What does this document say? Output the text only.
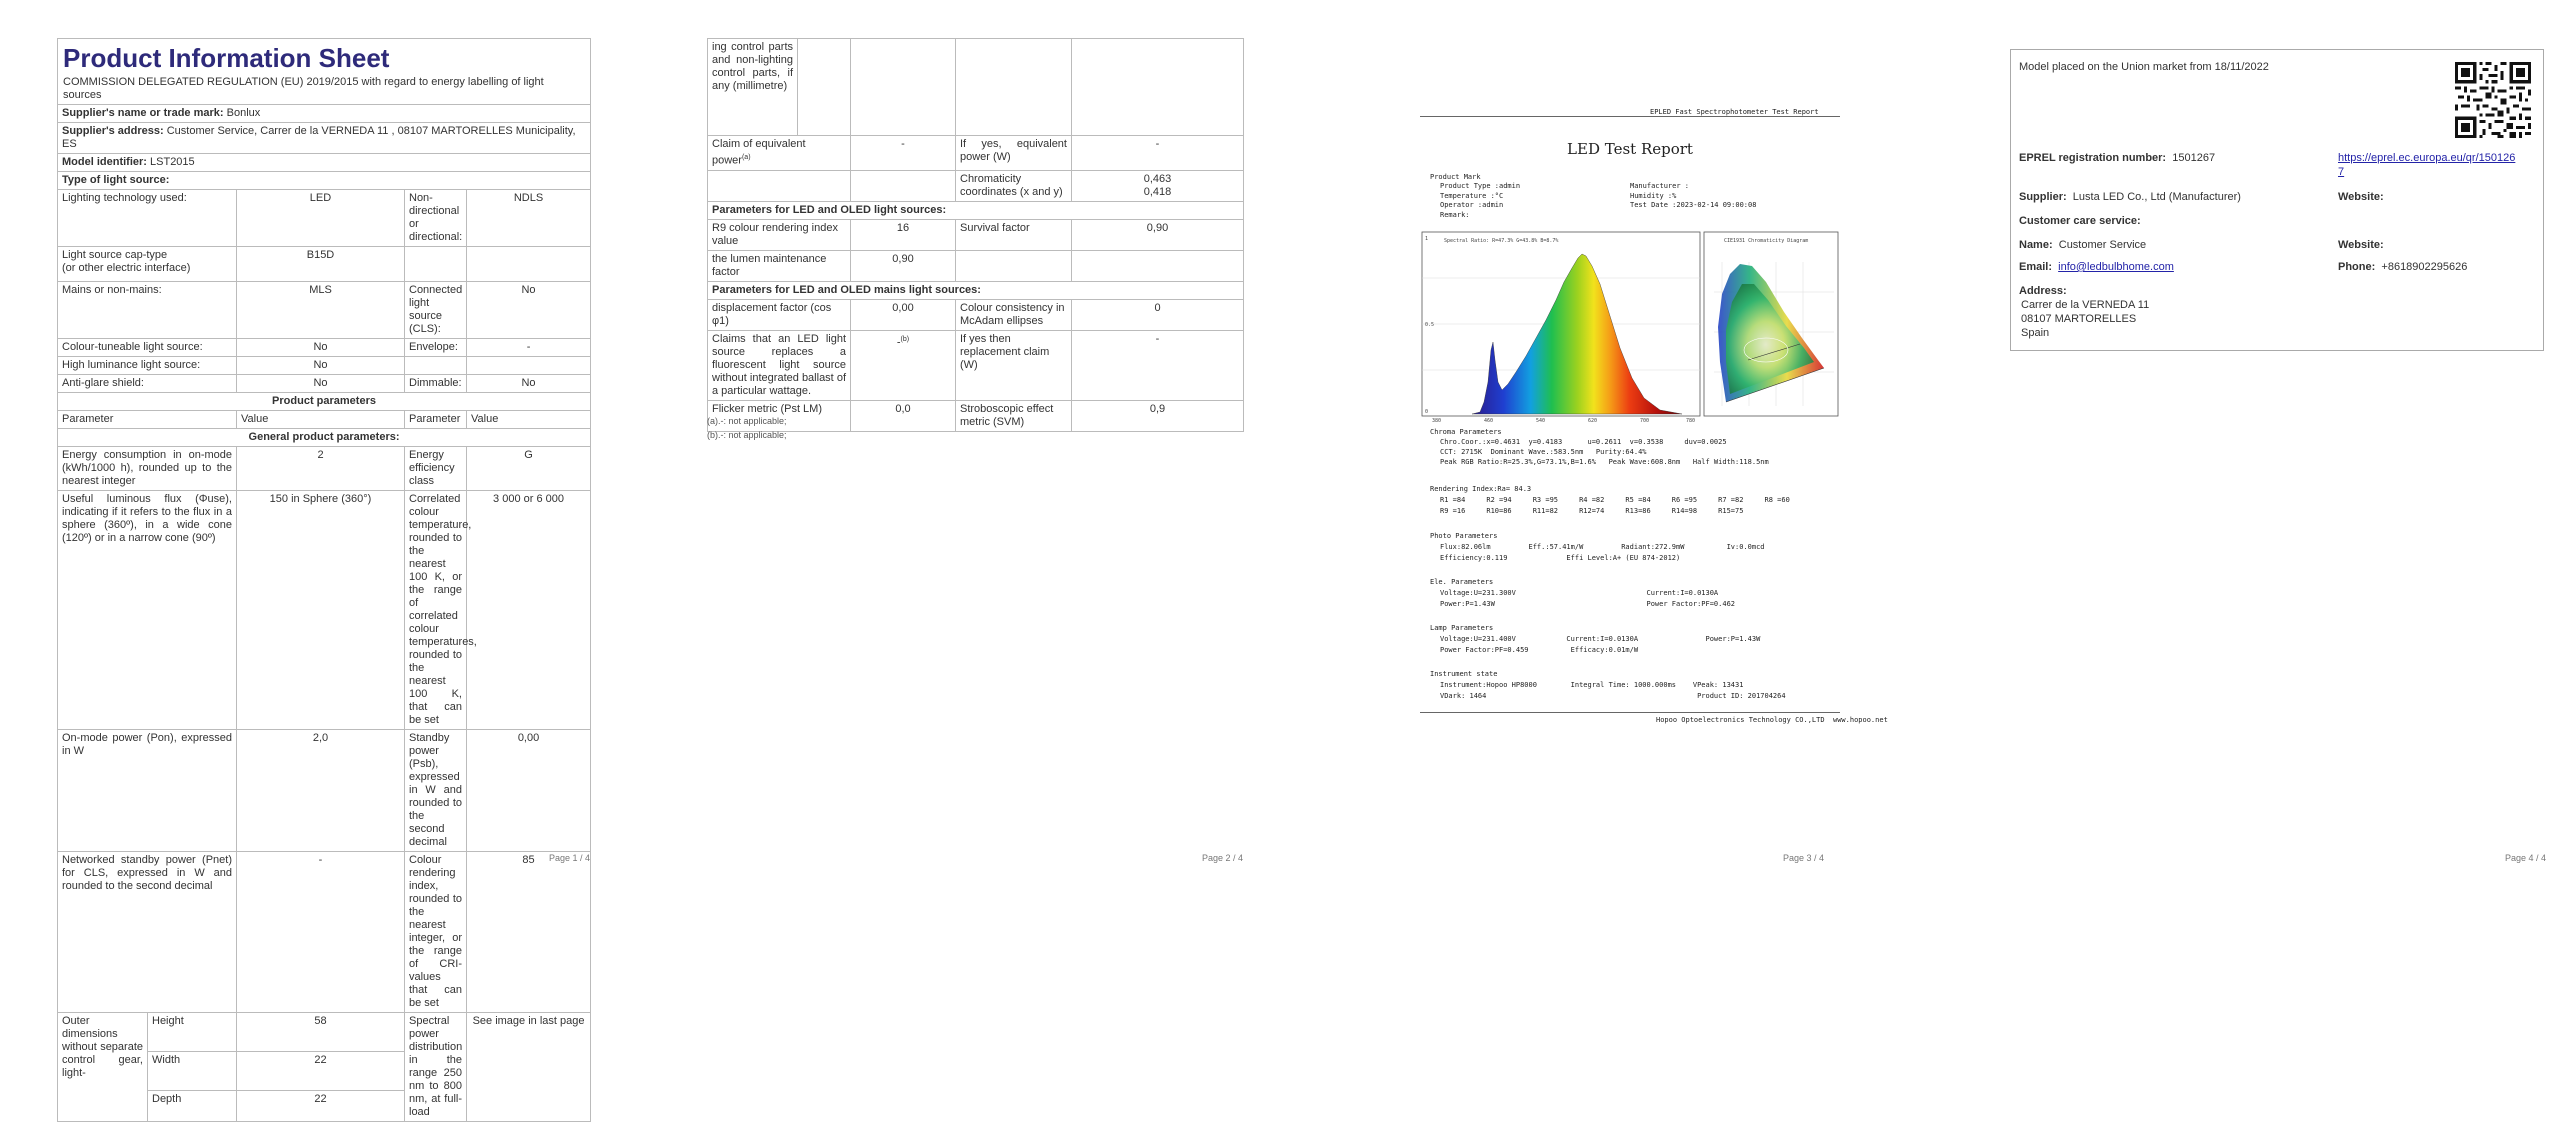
Product Information Sheet
COMMISSION DELEGATED REGULATION (EU) 2019/2015 with regard to energy labelling of light sources				

Supplier's name or trade mark: Bonlux				
Supplier's address: Customer Service, Carrer de la VERNEDA 11 , 08107 MARTORELLES Municipality, ES				
Model identifier: LST2015				
Type of light source:				
Lighting technology used:		LED	Non-directional or directional:	NDLS
Light source cap-type
(or other electric interface)		B15D		
Mains or non-mains:		MLS	Connected light source (CLS):	No
Colour-tuneable light source:		No	Envelope:	-
High luminance light source:		No		
Anti-glare shield:		No	Dimmable:	No
Product parameters				
Parameter		Value	Parameter	Value
General product parameters:				
Energy consumption in on-mode (kWh/1000 h), rounded up to the nearest integer		2	Energy efficiency class	G
Useful luminous flux (Φuse), indicating if it refers to the flux in a sphere (360º), in a wide cone (120º) or in a narrow cone (90º)		150 in Sphere (360°)	Correlated colour temperature, rounded to the nearest 100 K, or the range of correlated colour temperatures, rounded to the nearest 100 K, that can be set	3 000 or 6 000
On-mode power (Pon), expressed in W		2,0	Standby power (Psb), expressed in W and rounded to the second decimal	0,00
Networked standby power (Pnet) for CLS, expressed in W and rounded to the second decimal		-	Colour rendering index, rounded to the nearest integer, or the range of CRI-values that can be set	85
Outer dimensions without separate control gear, light-	Height	58	Spectral power distribution in the range 250 nm to 800 nm, at full-load	See image in last page
	Width	22		
	Depth	22		
Page 1 / 4
ing control parts and non-lighting control parts, if any (millimetre)				
Claim of equivalent power$^{(a)}$		-	If yes, equivalent power (W)	-
			Chromaticity coordinates (x and y)	0,463
0,418

Parameters for LED and OLED light sources:				
R9 colour rendering index value		16	Survival factor	0,90
the lumen maintenance factor		0,90		
Parameters for LED and OLED mains light sources:				
displacement factor (cos φ1)		0,00	Colour consistency in McAdam ellipses	0
Claims that an LED light source replaces a fluorescent light source without integrated ballast of a particular wattage.		-$^{(b)}$	If yes then replacement claim (W)	-
Flicker metric (Pst LM)		0,0	Stroboscopic effect metric (SVM)	0,9
(a).-: not applicable;
(b).-: not applicable;
Page 2 / 4
EPLED Fast Spectrophotometer Test Report
LED Test Report
Product Mark
Product Type :admin
Temperature :°C
Operator :admin
Remark:
Manufacturer :
Humidity :%
Test Date :2023-02-14 09:00:08
Spectral Ratio: R=47.3% G=43.8% B=8.7%
1
0.5
0
380	460	540	620	700	780
CIE1931 Chromaticity Diagram
Chroma Parameters
Chro.Coor.:x=0.4631  y=0.4183      u=0.2611  v=0.3538     duv=0.0025
CCT: 2715K  Dominant Wave.:583.5nm   Purity:64.4%
Peak RGB Ratio:R=25.3%,G=73.1%,B=1.6%   Peak Wave:608.8nm   Half Width:118.5nm
Rendering Index:Ra= 84.3
R1 =84     R2 =94     R3 =95     R4 =82     R5 =84     R6 =95     R7 =82     R8 =60
R9 =16     R10=86     R11=82     R12=74     R13=86     R14=98     R15=75
Photo Parameters
Flux:82.06lm         Eff.:57.41m/W         Radiant:272.9mW          Iv:0.0mcd
Efficiency:0.119              Effi Level:A+ (EU 874-2012)
Ele. Parameters
Voltage:U=231.300V                               Current:I=0.0130A
Power:P=1.43W                                    Power Factor:PF=0.462
Lamp Parameters
Voltage:U=231.400V            Current:I=0.0130A                Power:P=1.43W
Power Factor:PF=0.459          Efficacy:0.01m/W
Instrument state
Instrument:Hopoo HP8000        Integral Time: 1000.000ms    VPeak: 13431
VDark: 1464                                                  Product ID: 201704264
Hopoo Optoelectronics Technology CO.,LTD  www.hopoo.net
Page 3 / 4
Model placed on the Union market from 18/11/2022
EPREL registration number: 1501267	https://eprel.ec.europa.eu/qr/1501267
Supplier: Lusta LED Co., Ltd (Manufacturer)	Website:
Customer care service:
Name: Customer Service	Website:
Email: info@ledbulbhome.com	Phone: +8618902295626
Address:
Carrer de la VERNEDA 11
08107 MARTORELLES
Spain
Page 4 / 4
